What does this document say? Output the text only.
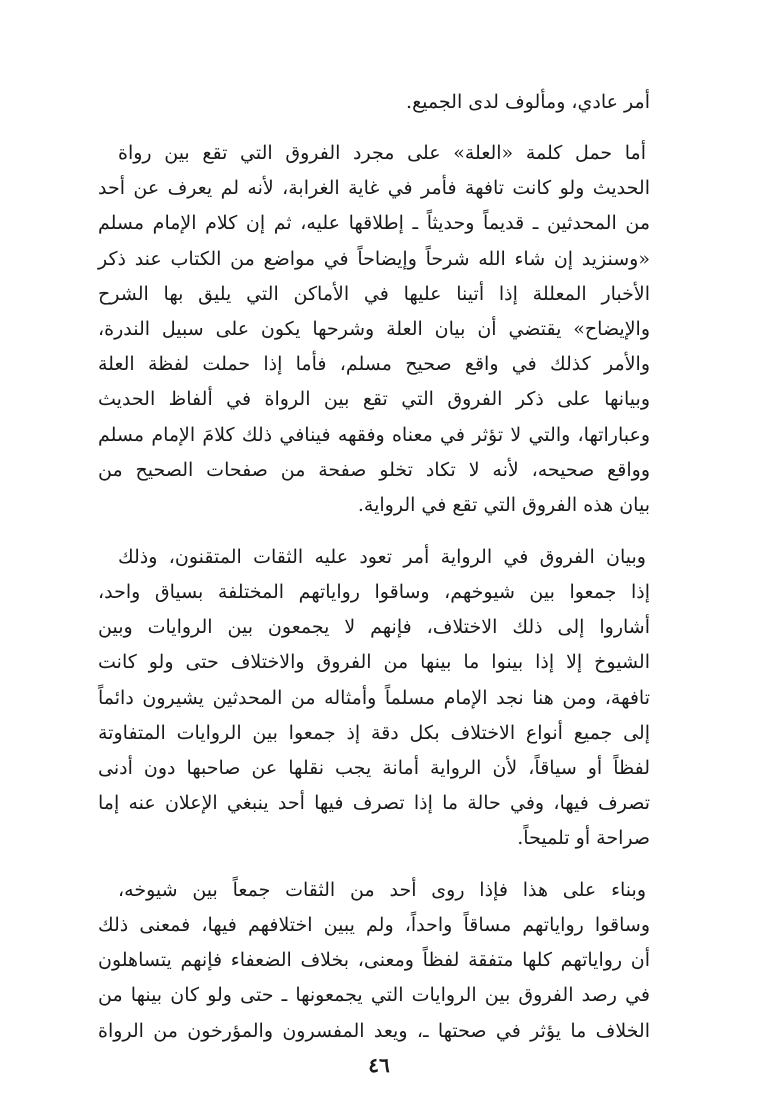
أمر عادي، ومألوف لدى الجميع.
أما حمل كلمة «العلة» على مجرد الفروق التي تقع بين رواة
الحديث ولو كانت تافهة فأمر في غاية الغرابة، لأنه لم يعرف عن أحد
من المحدثين ـ قديماً وحديثاً ـ إطلاقها عليه، ثم إن كلام الإمام مسلم
«وسنزيد إن شاء الله شرحاً وإيضاحاً في مواضع من الكتاب عند ذكر
الأخبار المعللة إذا أتينا عليها في الأماكن التي يليق بها الشرح
والإيضاح» يقتضي أن بيان العلة وشرحها يكون على سبيل الندرة،
والأمر كذلك في واقع صحيح مسلم، فأما إذا حملت لفظة العلة
وبيانها على ذكر الفروق التي تقع بين الرواة في ألفاظ الحديث
وعباراتها، والتي لا تؤثر في معناه وفقهه فينافي ذلك كلامَ الإمام مسلم
وواقع صحيحه، لأنه لا تكاد تخلو صفحة من صفحات الصحيح من
بيان هذه الفروق التي تقع في الرواية.
وبيان الفروق في الرواية أمر تعود عليه الثقات المتقنون، وذلك
إذا جمعوا بين شيوخهم، وساقوا رواياتهم المختلفة بسياق واحد،
أشاروا إلى ذلك الاختلاف، فإنهم لا يجمعون بين الروايات وبين
الشيوخ إلا إذا بينوا ما بينها من الفروق والاختلاف حتى ولو كانت
تافهة، ومن هنا نجد الإمام مسلماً وأمثاله من المحدثين يشيرون دائماً
إلى جميع أنواع الاختلاف بكل دقة إذ جمعوا بين الروايات المتفاوتة
لفظاً أو سياقاً، لأن الرواية أمانة يجب نقلها عن صاحبها دون أدنى
تصرف فيها، وفي حالة ما إذا تصرف فيها أحد ينبغي الإعلان عنه إما
صراحة أو تلميحاً.
وبناء على هذا فإذا روى أحد من الثقات جمعاً بين شيوخه،
وساقوا رواياتهم مساقاً واحداً، ولم يبين اختلافهم فيها، فمعنى ذلك
أن رواياتهم كلها متفقة لفظاً ومعنى، بخلاف الضعفاء فإنهم يتساهلون
في رصد الفروق بين الروايات التي يجمعونها ـ حتى ولو كان بينها من
الخلاف ما يؤثر في صحتها ـ، ويعد المفسرون والمؤرخون من الرواة
٤٦
